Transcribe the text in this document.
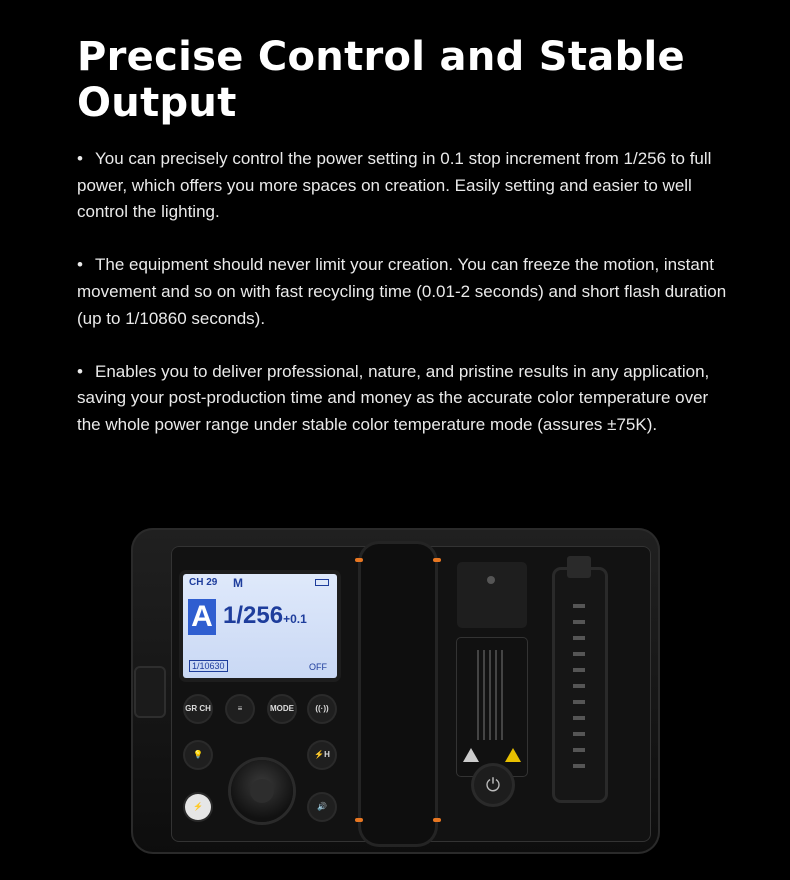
Precise Control and Stable
Output
• You can precisely control the power setting in 0.1 stop increment from 1/256 to full power, which offers you more spaces on creation. Easily setting and easier to well control the lighting.
• The equipment should never limit your creation. You can freeze the motion, instant movement and so on with fast recycling time (0.01-2 seconds) and short flash duration (up to 1/10860 seconds).
• Enables you to deliver professional, nature, and pristine results in any application, saving your post-production time and money as the accurate color temperature over the whole power range under stable color temperature mode (assures ±75K).
CH 29 M
A 1/256+0.1
1/10630	OFF
GR CH	≡	MODE	((·))
💡	⚡H
⚡	🔊
⏻
